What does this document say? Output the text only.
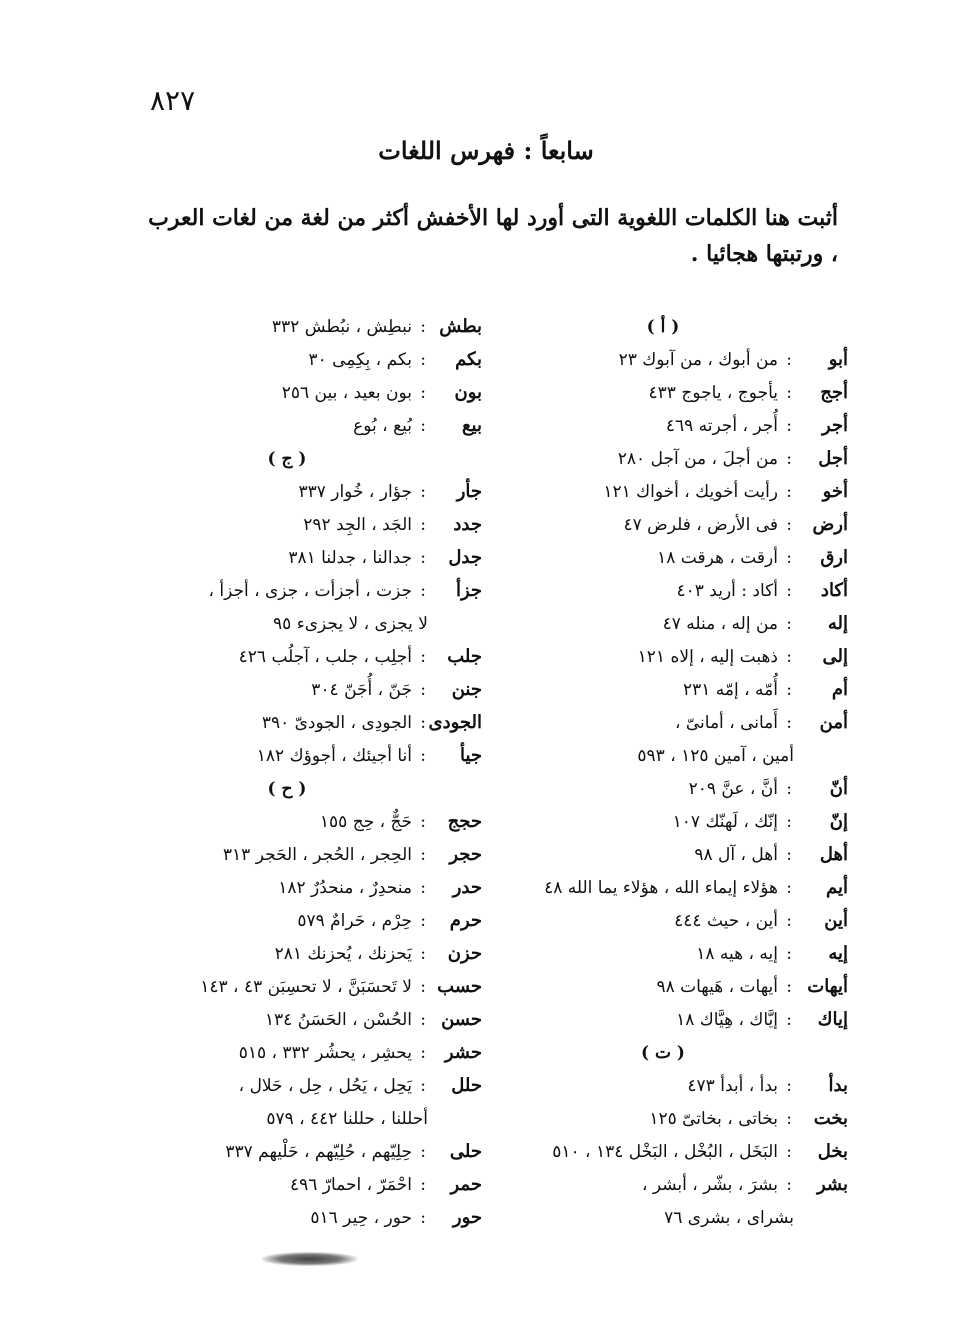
٨٢٧
سابعاً : فهرس اللغات
أثبت هنا الكلمات اللغوية التى أورد لها الأخفش أكثر من لغة من لغات العرب ، ورتبتها هجائيا .
( أ )
أبو
:
من أبوك ، من آبوك ٢٣
أجج
:
يأجوج ، ياجوج ٤٣٣
أجر
:
أُجر ، أجرته ٤٦٩
أجل
:
من أجلَ ، من آجل ٢٨٠
أخو
:
رأيت أخويك ، أخواك ١٢١
أرض
:
فى الأرض ، فلرض ٤٧
ارق
:
أرقت ، هرقت ١٨
أكاد
:
أكاد : أريد ٤٠٣
إله
:
من إله ، منله ٤٧
إلى
:
ذهبت إليه ، إلاه ١٢١
أم
:
أُمّه ، إمّه ٢٣١
أمن
:
أَمانى ، أمانىّ ،
أمين ، آمين ١٢٥ ، ٥٩٣
أنّ
:
أنَّ ، عنَّ ٢٠٩
إنّ
:
إنّك ، لَهنّك ١٠٧
أهل
:
أهل ، آل ٩٨
أيم
:
هؤلاء إيماء الله ، هؤلاء يما الله ٤٨
أين
:
أين ، حيث ٤٤٤
إيه
:
إيه ، هيه ١٨
أيهات
:
أيهات ، هَيهات ٩٨
إياك
:
إيَّاك ، هِيَّاك ١٨
( ت )
بدأ
:
بدأ ، أبدأ ٤٧٣
بخت
:
بخاتى ، بخاتىّ ١٢٥
بخل
:
البَخَل ، البُخْل ، البَخْل ١٣٤ ، ٥١٠
بشر
:
بشرَ ، بشّر ، أبشر ،
بشراى ، بشرى ٧٦
بطش
:
نبطِش ، نبُطش ٣٣٢
بكم
:
بكم ، بِكِمِى ٣٠
بون
:
بون بعيد ، بين ٢٥٦
بيع
:
بُيع ، بُوع
( ج )
جأر
:
جؤار ، خُوار ٣٣٧
جدد
:
الجَد ، الجِد ٢٩٢
جدل
:
جدالنا ، جدلنا ٣٨١
جزأ
:
جزت ، أجزأت ، جزى ، أجزأ ،
لا يجزى ، لا يجزىء ٩٥
جلب
:
أجلِب ، جلب ، آجلُب ٤٢٦
جنن
:
جَنّ ، أُجَنّ ٣٠٤
الجودى
:
الجودِى ، الجودىّ ٣٩٠
جيأ
:
أنا أجيئك ، أجوؤك ١٨٢
( ح )
حجج
:
حَجٌّ ، حِج ١٥٥
حجر
:
الحِجر ، الحُجر ، الحَجر ٣١٣
حدر
:
منحدِرٌ ، منحدُرٌ ١٨٢
حرم
:
حِرْم ، حَرامٌ ٥٧٩
حزن
:
يَحزنك ، يُحزنك ٢٨١
حسب
:
لا تَحسَبَنَّ ، لا تحسِبَن ٤٣ ، ١٤٣
حسن
:
الحُسْن ، الحَسَنُ ١٣٤
حشر
:
يحشِر ، يحشُر ٣٣٢ ، ٥١٥
حلل
:
يَحِل ، يَحُل ، حِل ، حَلال ،
أحللنا ، حللنا ٤٤٢ ، ٥٧٩
حلى
:
حِلِيّهم ، حُلِيّهم ، حَلْيهم ٣٣٧
حمر
:
احْمَرّ ، احمارّ ٤٩٦
حور
:
حور ، حِير ٥١٦
